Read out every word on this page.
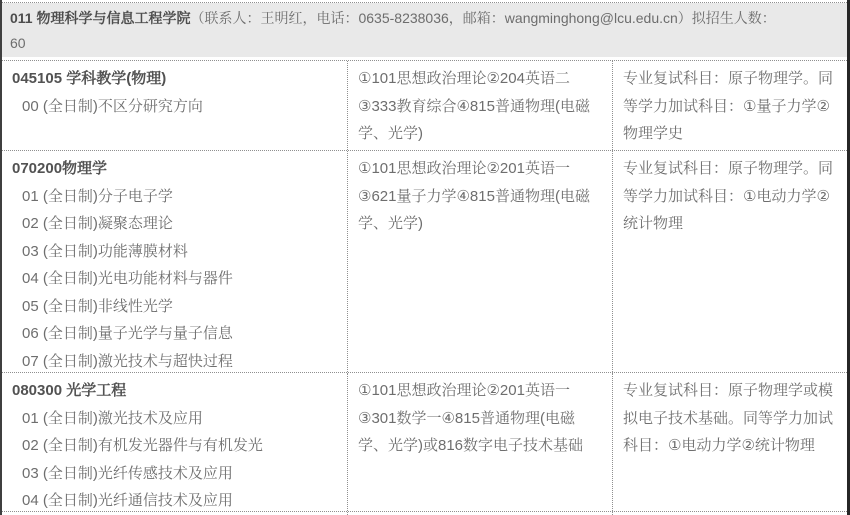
011 物理科学与信息工程学院（联系人：王明红，电话：0635-8238036，邮箱：wangminghong@lcu.edu.cn）拟招生人数：
60
045105 学科教学(物理)
00 (全日制)不区分研究方向
①101思想政治理论②204英语二③333教育综合④815普通物理(电磁学、光学)
专业复试科目：原子物理学。同等学力加试科目：①量子力学②物理学史
070200物理学
01 (全日制)分子电子学
02 (全日制)凝聚态理论
03 (全日制)功能薄膜材料
04 (全日制)光电功能材料与器件
05 (全日制)非线性光学
06 (全日制)量子光学与量子信息
07 (全日制)激光技术与超快过程
①101思想政治理论②201英语一③621量子力学④815普通物理(电磁学、光学)
专业复试科目：原子物理学。同等学力加试科目：①电动力学②统计物理
080300 光学工程
01 (全日制)激光技术及应用
02 (全日制)有机发光器件与有机发光
03 (全日制)光纤传感技术及应用
04 (全日制)光纤通信技术及应用
①101思想政治理论②201英语一③301数学一④815普通物理(电磁学、光学)或816数字电子技术基础
专业复试科目：原子物理学或模拟电子技术基础。同等学力加试科目：①电动力学②统计物理
